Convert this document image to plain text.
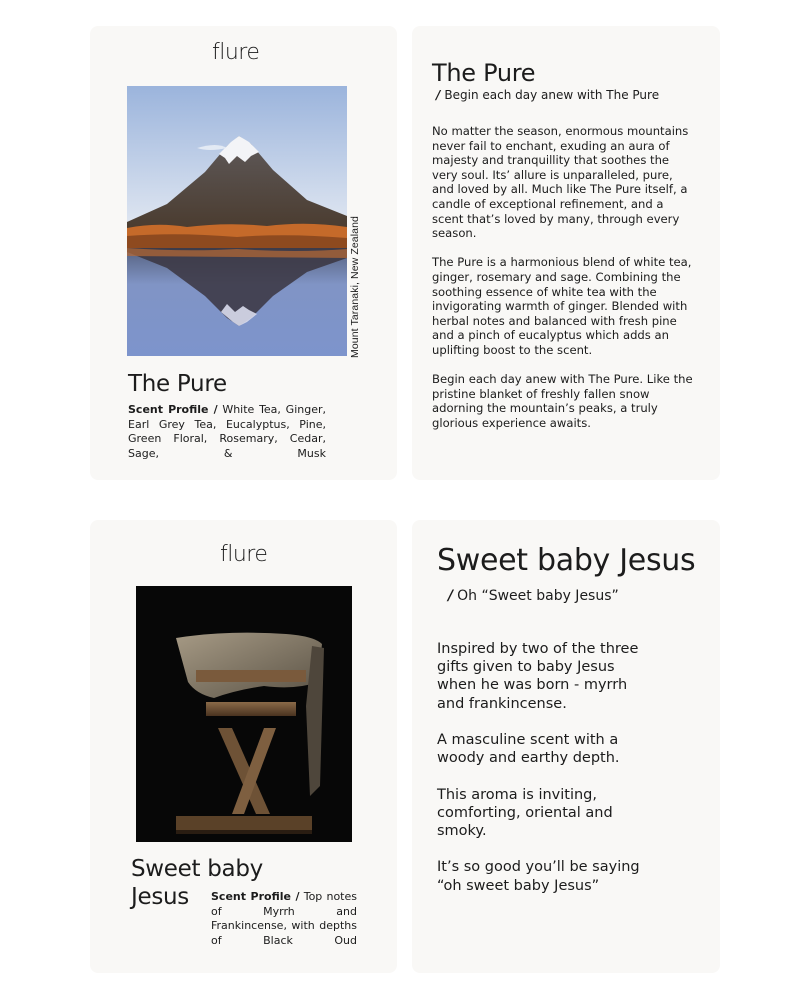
flure
Mount Taranaki, New Zealand
The Pure
Scent Profile / White Tea, Ginger, Earl Grey Tea, Eucalyptus, Pine, Green Floral, Rosemary, Cedar, Sage, & Musk
The Pure
/ Begin each day anew with The Pure

No matter the season, enormous mountains never fail to enchant, exuding an aura of majesty and tranquillity that soothes the very soul. Its’ allure is unparalleled, pure, and loved by all. Much like The Pure itself, a candle of exceptional refinement, and a scent that’s loved by many, through every season.

The Pure is a harmonious blend of white tea, ginger, rosemary and sage. Combining the soothing essence of white tea with the invigorating warmth of ginger. Blended with herbal notes and balanced with fresh pine and a pinch of eucalyptus which adds an uplifting boost to the scent.

Begin each day anew with The Pure. Like the pristine blanket of freshly fallen snow adorning the mountain’s peaks, a truly glorious experience awaits.

flure
Sweet baby Jesus	Scent Profile / Top notes of Myrrh and Frankincense, with depths of Black Oud
Sweet baby Jesus
/ Oh “Sweet baby Jesus”

Inspired by two of the three gifts given to baby Jesus when he was born - myrrh and frankincense.

A masculine scent with a woody and earthy depth.

This aroma is inviting, comforting, oriental and smoky.

It’s so good you’ll be saying “oh sweet baby Jesus”
